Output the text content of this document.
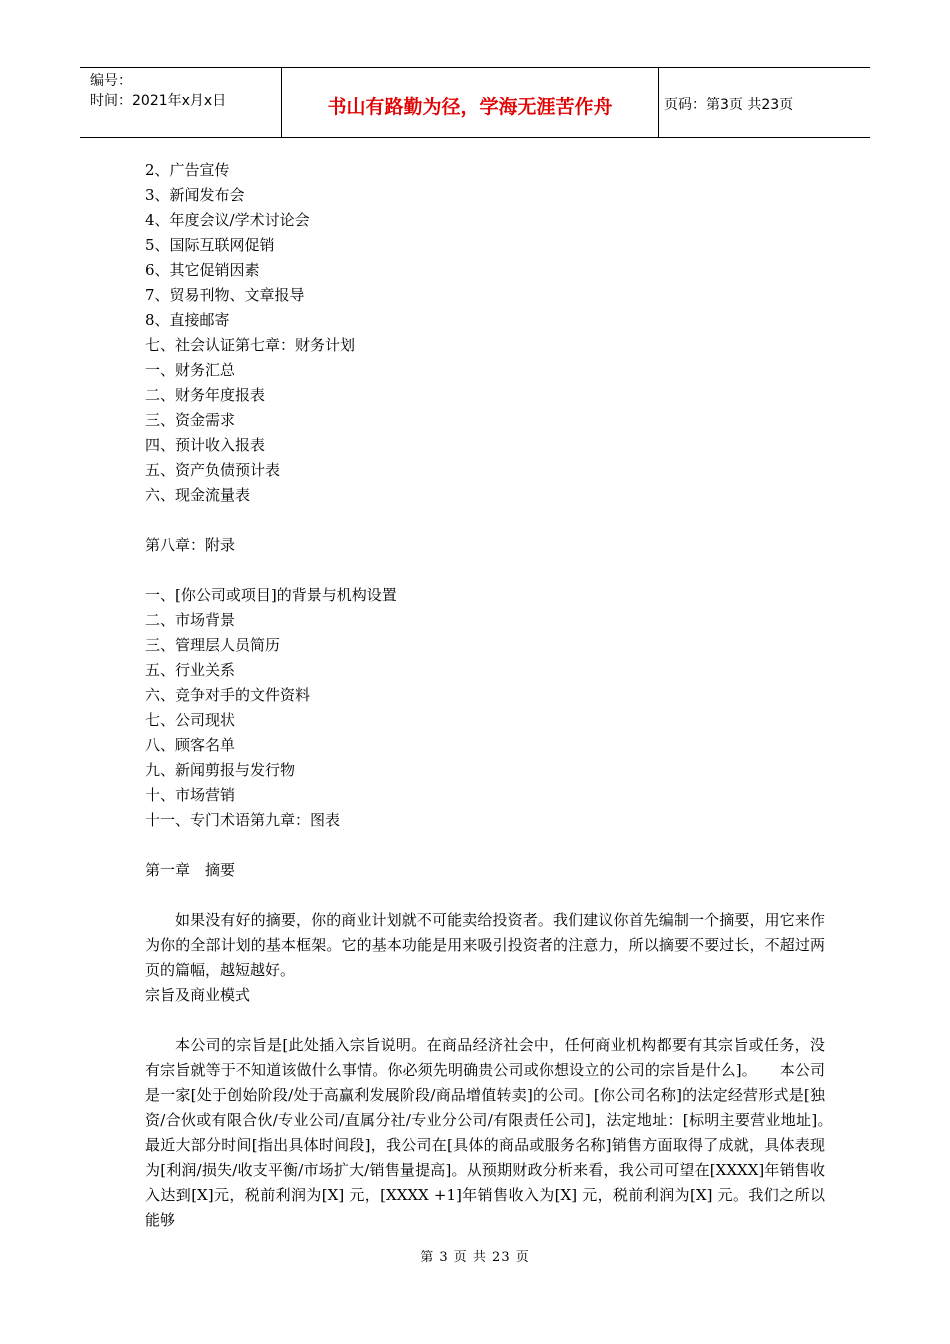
编号：
时间：2021年x月x日	书山有路勤为径，学海无涯苦作舟	页码：第3页 共23页
2、广告宣传
3、新闻发布会
4、年度会议/学术讨论会
5、国际互联网促销
6、其它促销因素
7、贸易刊物、文章报导
8、直接邮寄
七、社会认证第七章：财务计划
一、财务汇总
二、财务年度报表
三、资金需求
四、预计收入报表
五、资产负债预计表
六、现金流量表
第八章：附录
一、[你公司或项目]的背景与机构设置
二、市场背景
三、管理层人员简历
五、行业关系
六、竞争对手的文件资料
七、公司现状
八、顾客名单
九、新闻剪报与发行物
十、市场营销
十一、专门术语第九章：图表
第一章　摘要

如果没有好的摘要，你的商业计划就不可能卖给投资者。我们建议你首先编制一个摘要，用它来作为你的全部计划的基本框架。它的基本功能是用来吸引投资者的注意力，所以摘要不要过长，不超过两页的篇幅，越短越好。

宗旨及商业模式

本公司的宗旨是[此处插入宗旨说明。在商品经济社会中，任何商业机构都要有其宗旨或任务，没有宗旨就等于不知道该做什么事情。你必须先明确贵公司或你想设立的公司的宗旨是什么]。　　本公司是一家[处于创始阶段/处于高赢利发展阶段/商品增值转卖]的公司。[你公司名称]的法定经营形式是[独资/合伙或有限合伙/专业公司/直属分社/专业分公司/有限责任公司]，法定地址：[标明主要营业地址]。　　最近大部分时间[指出具体时间段]，我公司在[具体的商品或服务名称]销售方面取得了成就，具体表现为[利润/损失/收支平衡/市场扩大/销售量提高]。从预期财政分析来看，我公司可望在[XXXX]年销售收入达到[X]元，税前利润为[X] 元，[XXXX +1]年销售收入为[X] 元，税前利润为[X] 元。我们之所以能够

第 3 页 共 23 页
